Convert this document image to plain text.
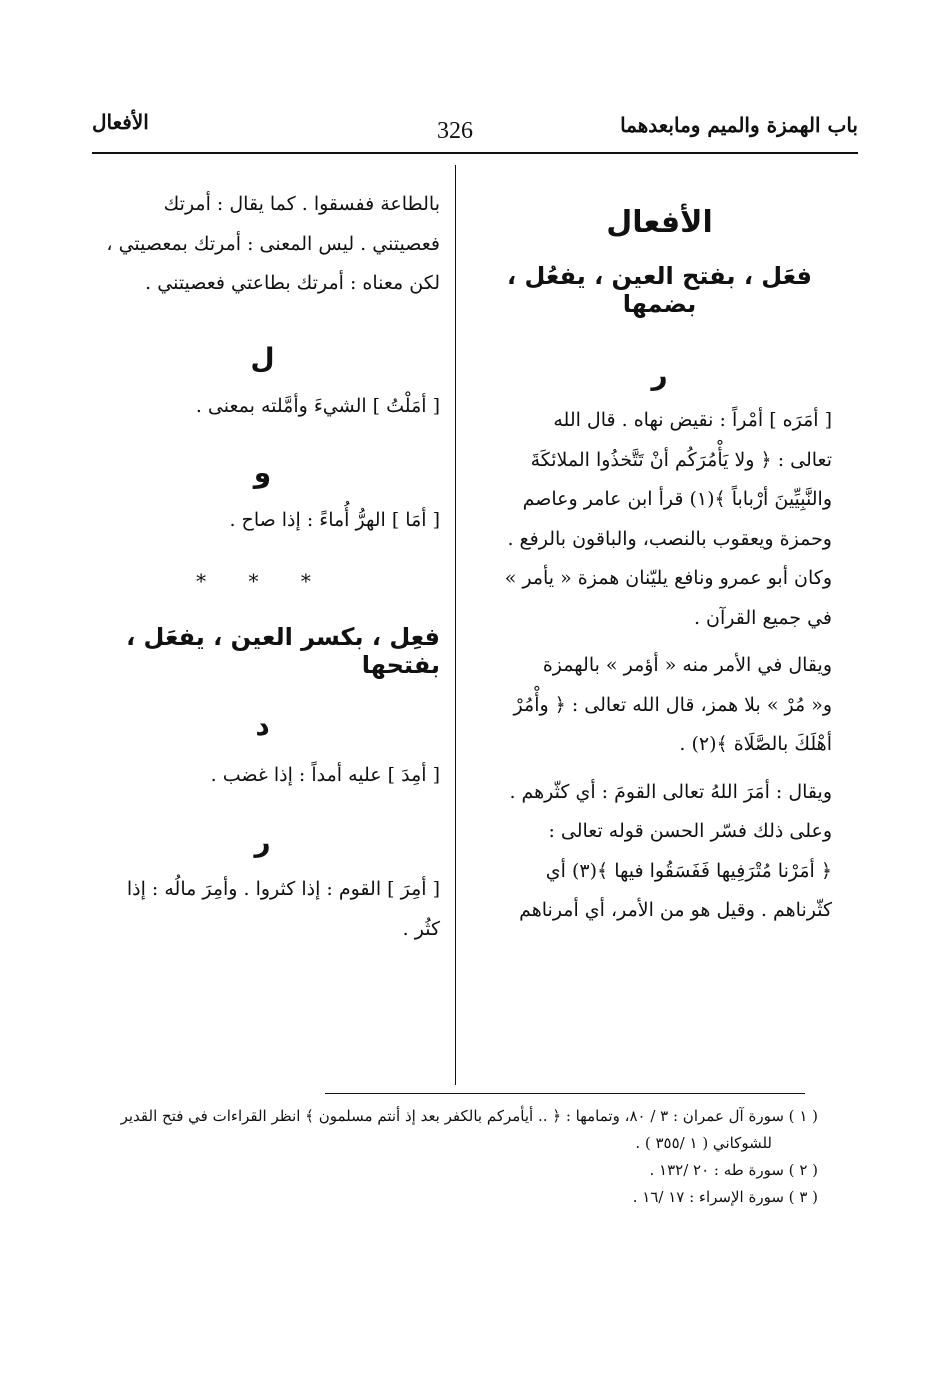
باب الهمزة والميم ومابعدهما
326
الأفعال
الأفعال
فعَل ، بفتح العين ، يفعُل ، بضمها

ر

[ أمَرَه ] أمْراً : نقيض نهاه . قال الله
تعالى : ﴿ ولا يَأْمُرَكُم أنْ تَتَّخذُوا الملائكَةَ
والنَّبِيِّينَ أرْباباً ﴾(١) قرأ ابن عامر وعاصم
وحمزة ويعقوب بالنصب، والباقون بالرفع .
وكان أبو عمرو ونافع يليّنان همزة « يأمر »
في جميع القرآن .

ويقال في الأمر منه « أؤمر » بالهمزة
و« مُرْ » بلا همز، قال الله تعالى : ﴿ وأْمُرْ
أهْلَكَ بالصَّلَاة ﴾(٢) .

ويقال : أمَرَ اللهُ تعالى القومَ : أي كثّرهم .
وعلى ذلك فسّر الحسن قوله تعالى :
﴿ أمَرْنا مُتْرَفِيها فَفَسَقُوا فيها ﴾(٣) أي
كثّرناهم . وقيل هو من الأمر، أي أمرناهم

بالطاعة ففسقوا . كما يقال : أمرتك
فعصيتني . ليس المعنى : أمرتك بمعصيتي ،
لكن معناه : أمرتك بطاعتي فعصيتني .

ل

[ أمَلْتُ ] الشيءَ وأمَّلته بمعنى .

و

[ أمَا ] الهرُّ أُماءً : إذا صاح .

* * *

فعِل ، بكسر العين ، يفعَل ، بفتحها

د

[ أمِدَ ] عليه أمداً : إذا غضب .

ر

[ أمِرَ ] القوم : إذا كثروا . وأمِرَ مالُه : إذا
كثُر .

( ١ ) سورة آل عمران : ٣ / ٨٠، وتمامها : ﴿ .. أيأمركم بالكفر بعد إذ أنتم مسلمون ﴾ انظر القراءات في فتح القدير
للشوكاني ( ١ /٣٥٥ ) .
( ٢ ) سورة طه : ٢٠ /١٣٢ .
( ٣ ) سورة الإسراء : ١٧ /١٦ .
